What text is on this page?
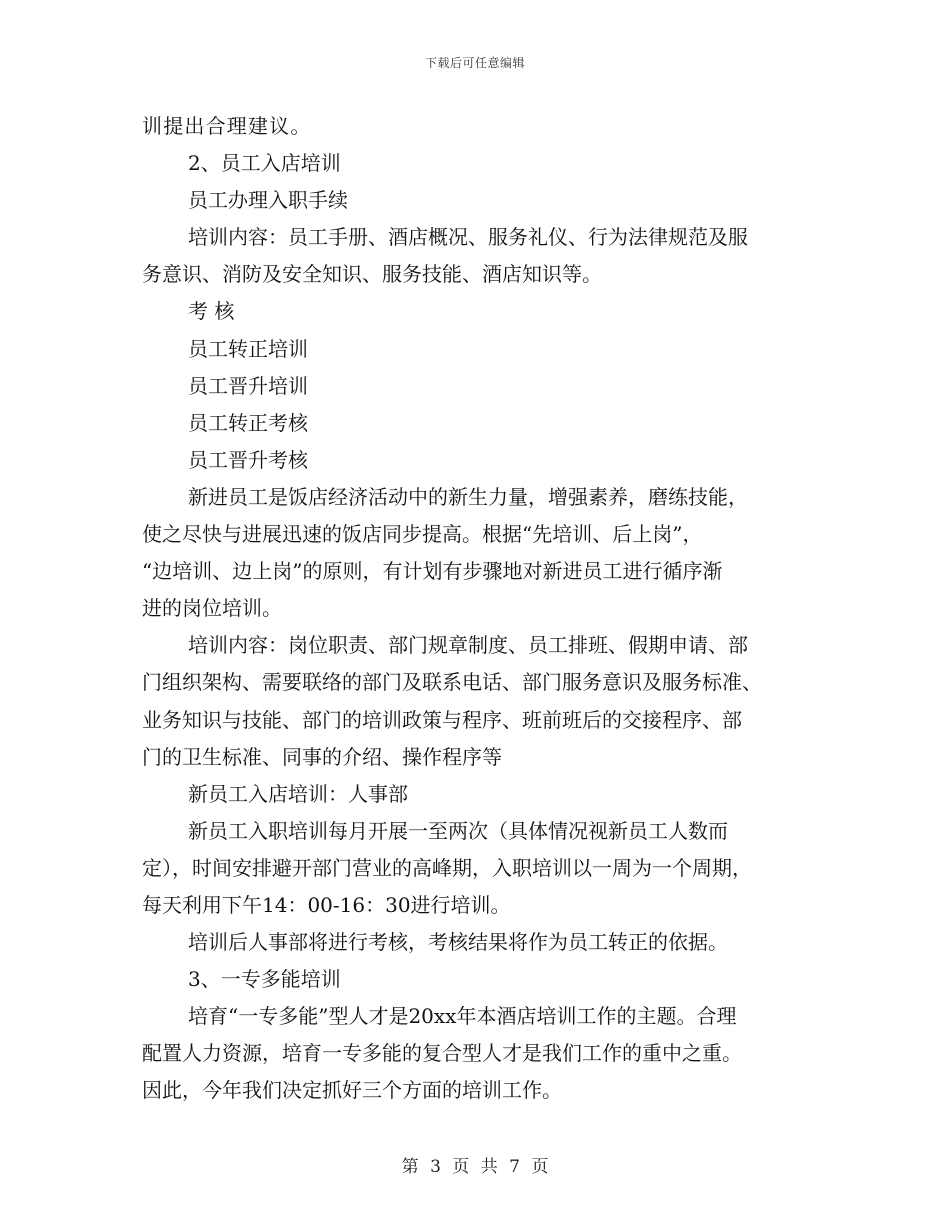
下载后可任意编辑
训提出合理建议。
2、员工入店培训
员工办理入职手续
培训内容：员工手册、酒店概况、服务礼仪、行为法律规范及服
务意识、消防及安全知识、服务技能、酒店知识等。
考 核
员工转正培训
员工晋升培训
员工转正考核
员工晋升考核
新进员工是饭店经济活动中的新生力量，增强素养，磨练技能，
使之尽快与进展迅速的饭店同步提高。根据“先培训、后上岗”，
“边培训、边上岗”的原则，有计划有步骤地对新进员工进行循序渐
进的岗位培训。
培训内容：岗位职责、部门规章制度、员工排班、假期申请、部
门组织架构、需要联络的部门及联系电话、部门服务意识及服务标准、
业务知识与技能、部门的培训政策与程序、班前班后的交接程序、部
门的卫生标准、同事的介绍、操作程序等
新员工入店培训：人事部
新员工入职培训每月开展一至两次（具体情况视新员工人数而
定），时间安排避开部门营业的高峰期，入职培训以一周为一个周期，
每天利用下午14：00-16：30进行培训。
培训后人事部将进行考核，考核结果将作为员工转正的依据。
3、一专多能培训
培育“一专多能”型人才是20xx年本酒店培训工作的主题。合理
配置人力资源，培育一专多能的复合型人才是我们工作的重中之重。
因此，今年我们决定抓好三个方面的培训工作。
第 3 页 共 7 页
